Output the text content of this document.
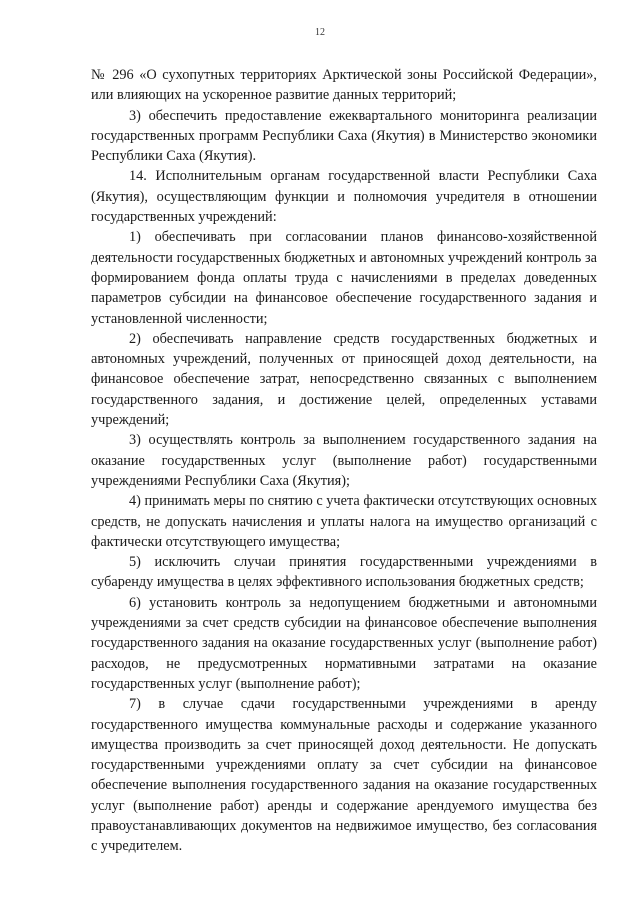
12

№ 296 «О сухопутных территориях Арктической зоны Российской Федерации», или влияющих на ускоренное развитие данных территорий;

3) обеспечить предоставление ежеквартального мониторинга реализации государственных программ Республики Саха (Якутия) в Министерство экономики Республики Саха (Якутия).

14. Исполнительным органам государственной власти Республики Саха (Якутия), осуществляющим функции и полномочия учредителя в отношении государственных учреждений:

1) обеспечивать при согласовании планов финансово-хозяйственной деятельности государственных бюджетных и автономных учреждений контроль за формированием фонда оплаты труда с начислениями в пределах доведенных параметров субсидии на финансовое обеспечение государственного задания и установленной численности;

2) обеспечивать направление средств государственных бюджетных и автономных учреждений, полученных от приносящей доход деятельности, на финансовое обеспечение затрат, непосредственно связанных с выполнением государственного задания, и достижение целей, определенных уставами учреждений;

3) осуществлять контроль за выполнением государственного задания на оказание государственных услуг (выполнение работ) государственными учреждениями Республики Саха (Якутия);

4) принимать меры по снятию с учета фактически отсутствующих основных средств, не допускать начисления и уплаты налога на имущество организаций с фактически отсутствующего имущества;

5) исключить случаи принятия государственными учреждениями в субаренду имущества в целях эффективного использования бюджетных средств;

6) установить контроль за недопущением бюджетными и автономными учреждениями за счет средств субсидии на финансовое обеспечение выполнения государственного задания на оказание государственных услуг (выполнение работ) расходов, не предусмотренных нормативными затратами на оказание государственных услуг (выполнение работ);

7) в случае сдачи государственными учреждениями в аренду государственного имущества коммунальные расходы и содержание указанного имущества производить за счет приносящей доход деятельности. Не допускать государственными учреждениями оплату за счет субсидии на финансовое обеспечение выполнения государственного задания на оказание государственных услуг (выполнение работ) аренды и содержание арендуемого имущества без правоустанавливающих документов на недвижимое имущество, без согласования с учредителем.
